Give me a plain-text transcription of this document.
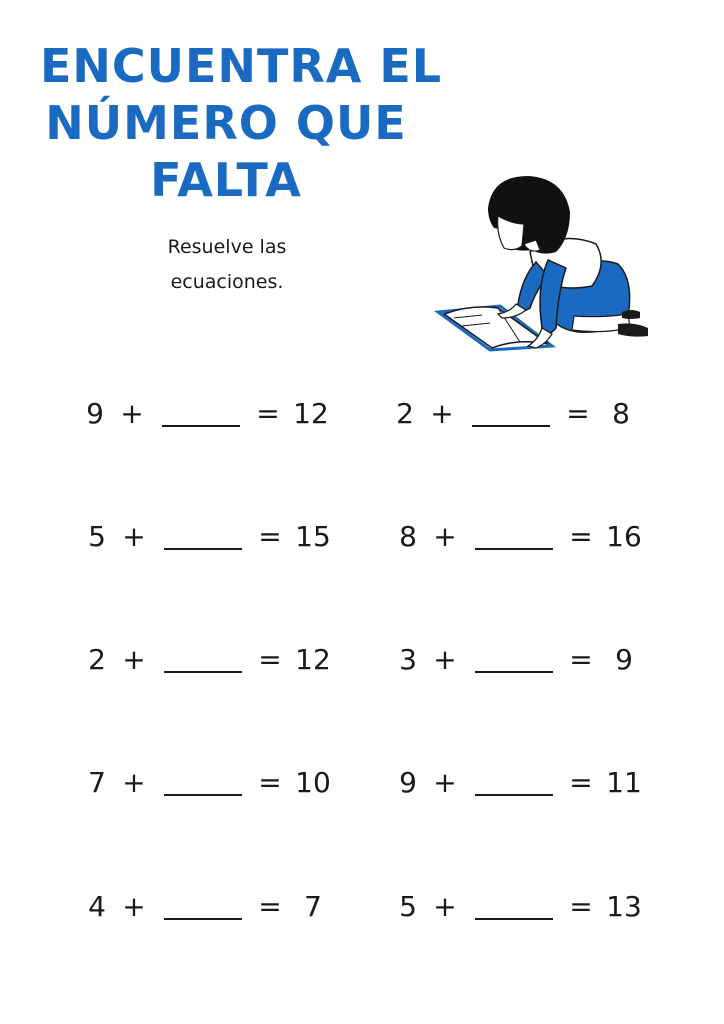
ENCUENTRA EL
NÚMERO QUE
FALTA
Resuelve las
ecuaciones.
9 +	= 12 2 +	= 8
5 +	= 15 8 +	= 16
2 +	= 12 3 +	= 9
7 +	= 10 9 +	= 11
4 +	= 7	5 +	= 13
